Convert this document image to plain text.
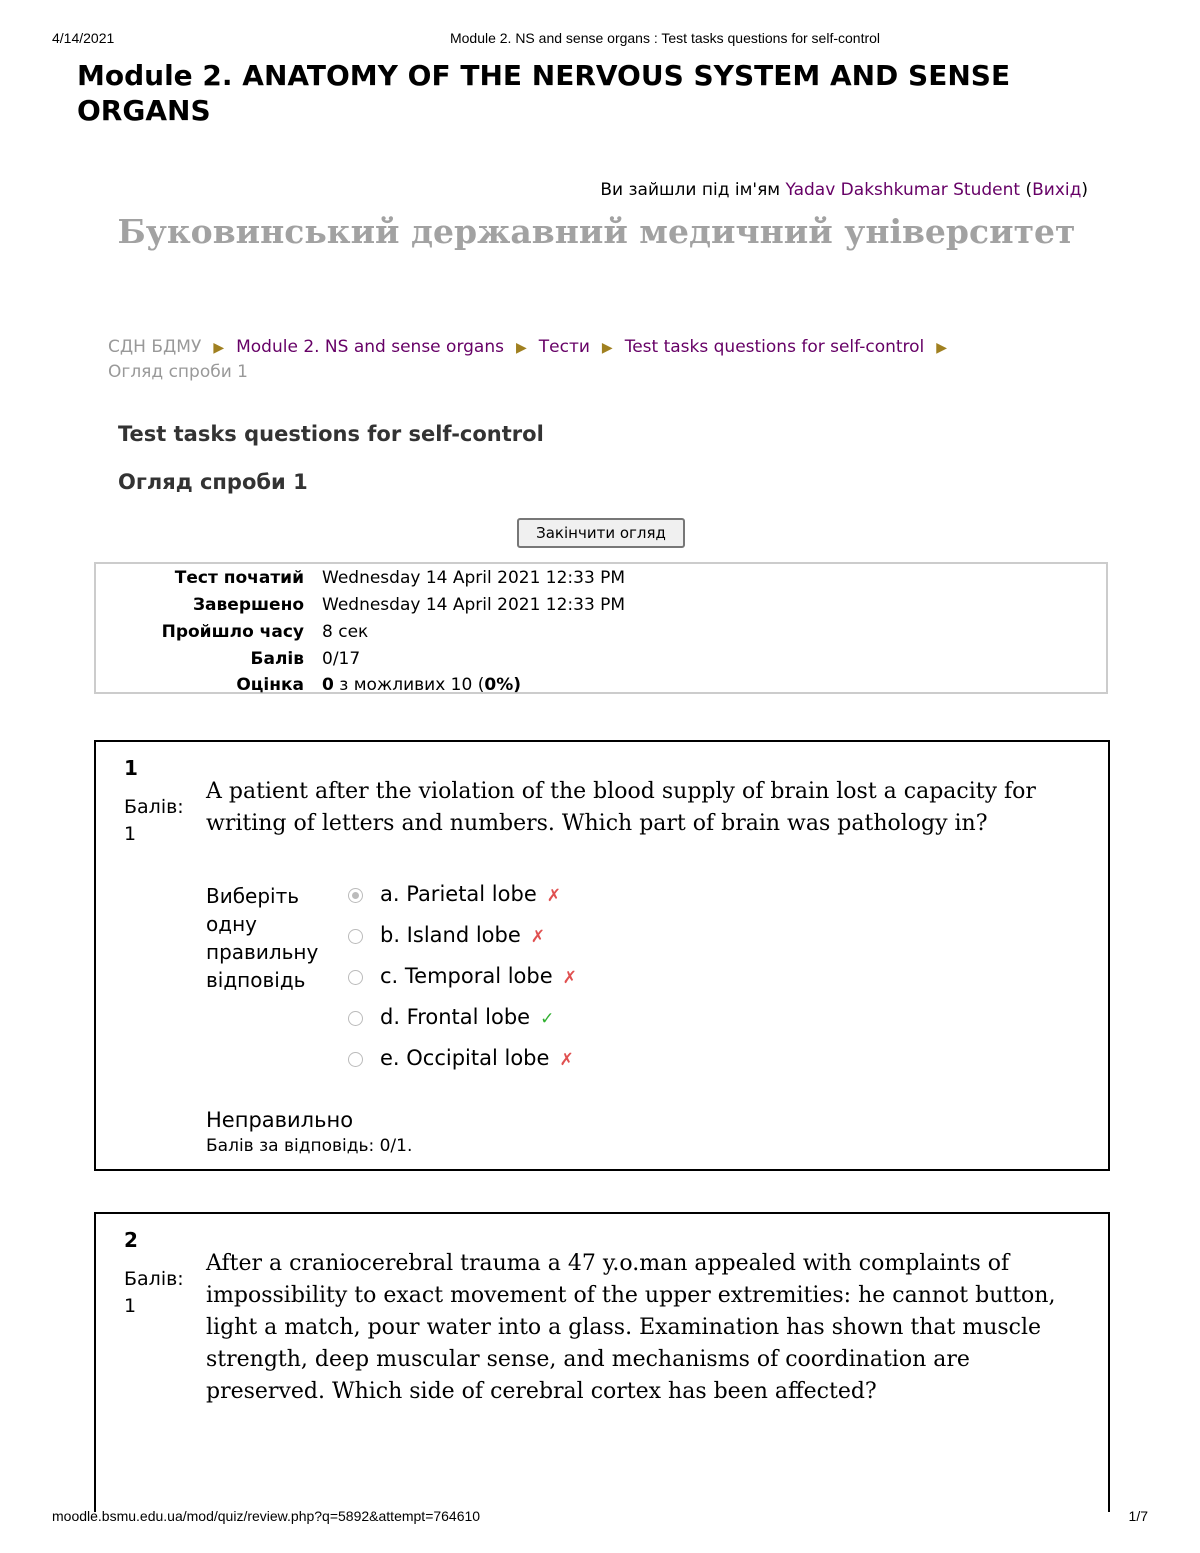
4/14/2021	Module 2. NS and sense organs : Test tasks questions for self-control
Module 2. ANATOMY OF THE NERVOUS SYSTEM AND SENSE ORGANS
Ви зайшли під ім'ям Yadav Dakshkumar Student (Вихід)
Буковинський державний медичний університет
СДН БДМУ ▶ Module 2. NS and sense organs ▶ Тести ▶ Test tasks questions for self-control ▶
Огляд спроби 1
Test tasks questions for self-control
Огляд спроби 1
Закінчити огляд
Тест почaтий Wednesday 14 April 2021 12:33 PM
Завершено Wednesday 14 April 2021 12:33 PM
Пройшло часу 8 сек
Балів 0/17
Оцінка 0 з можливих 10 (0%)
1
Балів:
1
A patient after the violation of the blood supply of brain lost a capacity for writing of letters and numbers. Which part of brain was pathology in?
Виберіть одну правильну відповідь
a. Parietal lobe ✗
b. Island lobe ✗
c. Temporal lobe ✗
d. Frontal lobe ✓
e. Occipital lobe ✗
Неправильно
Балів за відповідь: 0/1.
2
Балів:
1
After a craniocerebral trauma a 47 y.o.man appealed with complaints of impossibility to exact movement of the upper extremities: he cannot button, light a match, pour water into a glass. Examination has shown that muscle strength, deep muscular sense, and mechanisms of coordination are preserved. Which side of cerebral cortex has been affected?
moodle.bsmu.edu.ua/mod/quiz/review.php?q=5892&attempt=764610	1/7
